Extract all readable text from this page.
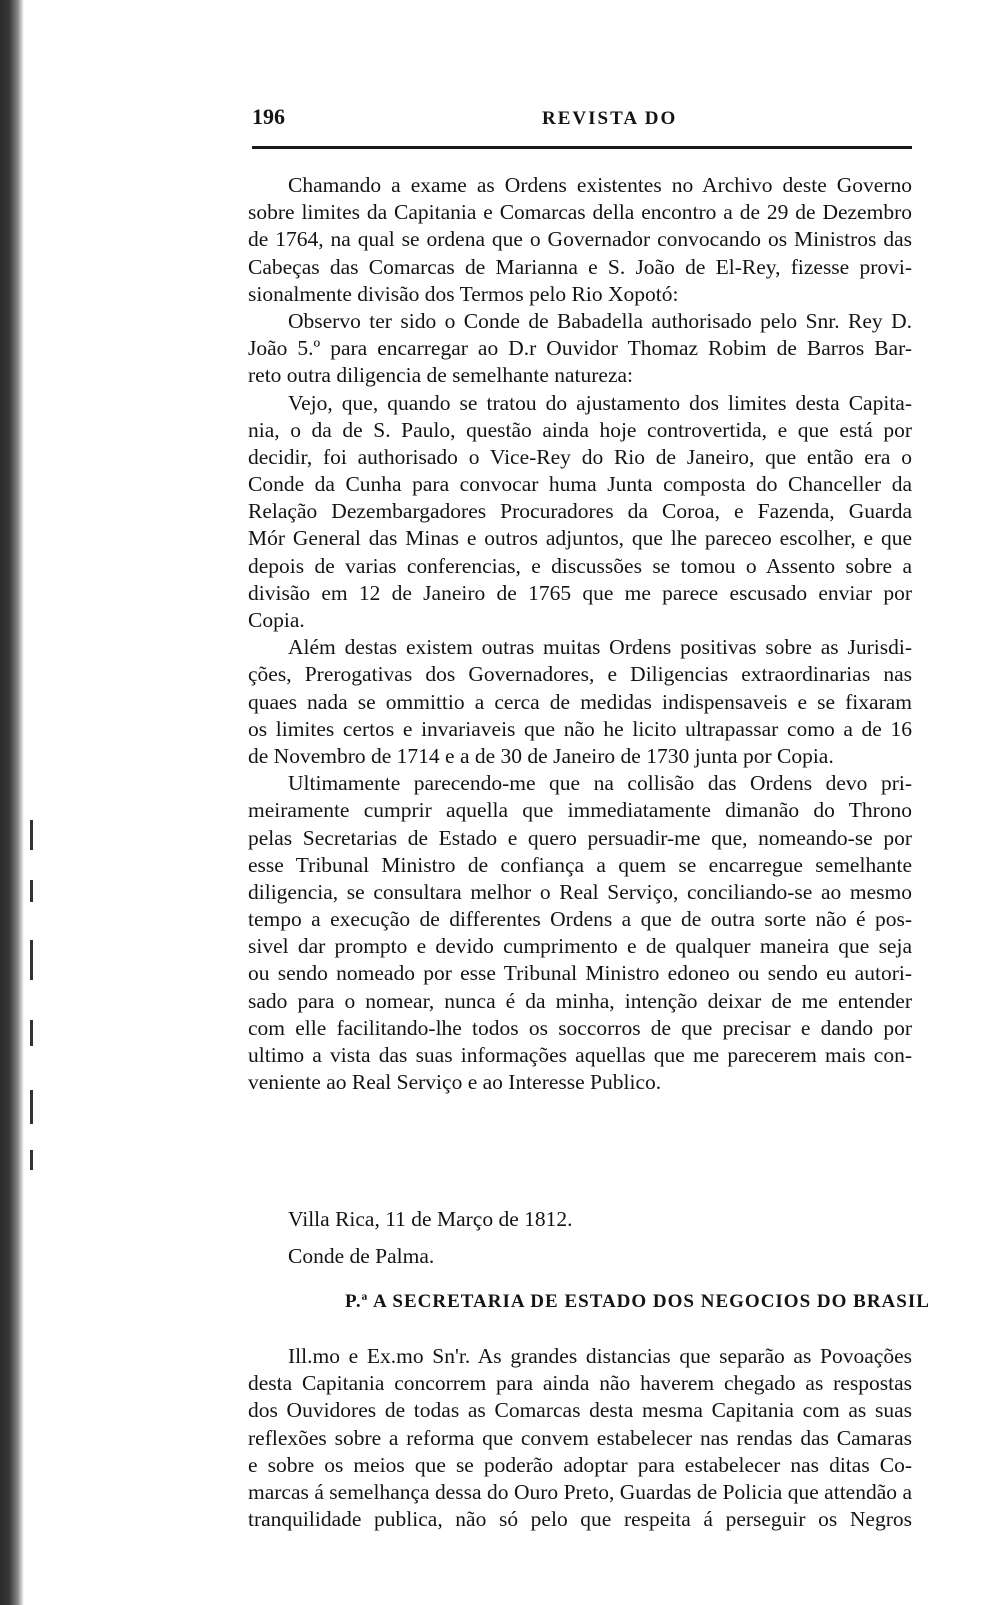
196	REVISTA DO

Chamando a exame as Ordens existentes no Archivo deste Governo
sobre limites da Capitania e Comarcas della encontro a de 29 de Dezembro
de 1764, na qual se ordena que o Governador convocando os Ministros das
Cabeças das Comarcas de Marianna e S. João de El-Rey, fizesse provi-
sionalmente divisão dos Termos pelo Rio Xopotó:

Observo ter sido o Conde de Babadella authorisado pelo Snr. Rey D.
João 5.º para encarregar ao D.r Ouvidor Thomaz Robim de Barros Bar-
reto outra diligencia de semelhante natureza:

Vejo, que, quando se tratou do ajustamento dos limites desta Capita-
nia, o da de S. Paulo, questão ainda hoje controvertida, e que está por
decidir, foi authorisado o Vice-Rey do Rio de Janeiro, que então era o
Conde da Cunha para convocar huma Junta composta do Chanceller da
Relação Dezembargadores Procuradores da Coroa, e Fazenda, Guarda
Mór General das Minas e outros adjuntos, que lhe pareceo escolher, e que
depois de varias conferencias, e discussões se tomou o Assento sobre a
divisão em 12 de Janeiro de 1765 que me parece escusado enviar por
Copia.

Além destas existem outras muitas Ordens positivas sobre as Jurisdi-
ções, Prerogativas dos Governadores, e Diligencias extraordinarias nas
quaes nada se ommittio a cerca de medidas indispensaveis e se fixaram
os limites certos e invariaveis que não he licito ultrapassar como a de 16
de Novembro de 1714 e a de 30 de Janeiro de 1730 junta por Copia.

Ultimamente parecendo-me que na collisão das Ordens devo pri-
meiramente cumprir aquella que immediatamente dimanão do Throno
pelas Secretarias de Estado e quero persuadir-me que, nomeando-se por
esse Tribunal Ministro de confiança a quem se encarregue semelhante
diligencia, se consultara melhor o Real Serviço, conciliando-se ao mesmo
tempo a execução de differentes Ordens a que de outra sorte não é pos-
sivel dar prompto e devido cumprimento e de qualquer maneira que seja
ou sendo nomeado por esse Tribunal Ministro edoneo ou sendo eu autori-
sado para o nomear, nunca é da minha, intenção deixar de me entender
com elle facilitando-lhe todos os soccorros de que precisar e dando por
ultimo a vista das suas informações aquellas que me parecerem mais con-
veniente ao Real Serviço e ao Interesse Publico.

Villa Rica, 11 de Março de 1812.
Conde de Palma.
P.ª A SECRETARIA DE ESTADO DOS NEGOCIOS DO BRASIL
Ill.mo e Ex.mo Sn'r. As grandes distancias que separão as Povoações
desta Capitania concorrem para ainda não haverem chegado as respostas
dos Ouvidores de todas as Comarcas desta mesma Capitania com as suas
reflexões sobre a reforma que convem estabelecer nas rendas das Camaras
e sobre os meios que se poderão adoptar para estabelecer nas ditas Co-
marcas á semelhança dessa do Ouro Preto, Guardas de Policia que attendão a
tranquilidade publica, não só pelo que respeita á perseguir os Negros
